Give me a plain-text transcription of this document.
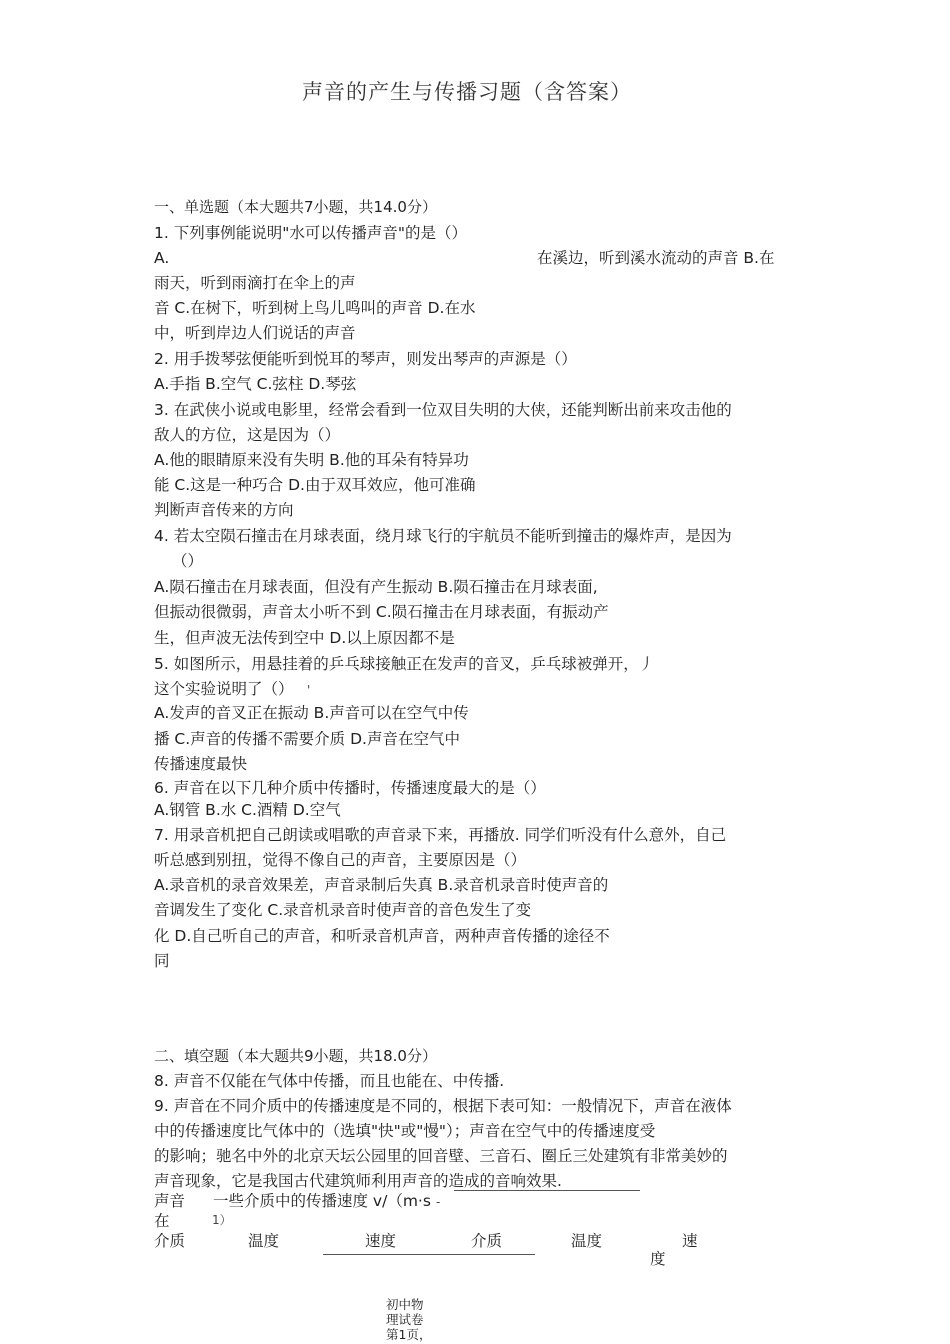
声音的产生与传播习题（含答案）
一、单选题（本大题共7小题，共14.0分）
1. 下列事例能说明"水可以传播声音"的是（）
A.	在溪边，听到溪水流动的声音 B.在
雨天，听到雨滴打在伞上的声
音 C.在树下，听到树上鸟儿鸣叫的声音 D.在水
中，听到岸边人们说话的声音
2. 用手拨琴弦便能听到悦耳的琴声，则发出琴声的声源是（）
A.手指 B.空气 C.弦柱 D.琴弦
3. 在武侠小说或电影里，经常会看到一位双目失明的大侠，还能判断出前来攻击他的
敌人的方位，这是因为（）
A.他的眼睛原来没有失明 B.他的耳朵有特异功
能 C.这是一种巧合 D.由于双耳效应，他可准确
判断声音传来的方向
4. 若太空陨石撞击在月球表面，绕月球飞行的宇航员不能听到撞击的爆炸声，是因为
（）
A.陨石撞击在月球表面，但没有产生振动 B.陨石撞击在月球表面,
但振动很微弱，声音太小听不到 C.陨石撞击在月球表面，有振动产
生，但声波无法传到空中 D.以上原因都不是
5. 如图所示，用悬挂着的乒乓球接触正在发声的音叉，乒乓球被弹开，丿
这个实验说明了（） '
A.发声的音叉正在振动 B.声音可以在空气中传
播 C.声音的传播不需要介质 D.声音在空气中
传播速度最快
6. 声音在以下几种介质中传播时，传播速度最大的是（）
A.钢管 B.水 C.酒精 D.空气
7. 用录音机把自己朗读或唱歌的声音录下来，再播放. 同学们听没有什么意外，自己
听总感到别扭，觉得不像自己的声音，主要原因是（）
A.录音机的录音效果差，声音录制后失真 B.录音机录音时使声音的
音调发生了变化 C.录音机录音时使声音的音色发生了变
化 D.自己听自己的声音，和听录音机声音，两种声音传播的途径不
同
二、填空题（本大题共9小题，共18.0分）
8. 声音不仅能在气体中传播，而且也能在、中传播.
9. 声音在不同介质中的传播速度是不同的，根据下表可知：一般情况下，声音在液体
中的传播速度比气体中的（选填"快"或"慢"）；声音在空气中的传播速度受
的影响；驰名中外的北京天坛公园里的回音壁、三音石、圈丘三处建筑有非常美妙的
声音现象，它是我国古代建筑师利用声音的造成的音响效果.
声音
在
一些介质中的传播速度 v/（m·s -
1）
介质	温度	速度	介质	温度	速
度
初中物
理试卷
第1页，
